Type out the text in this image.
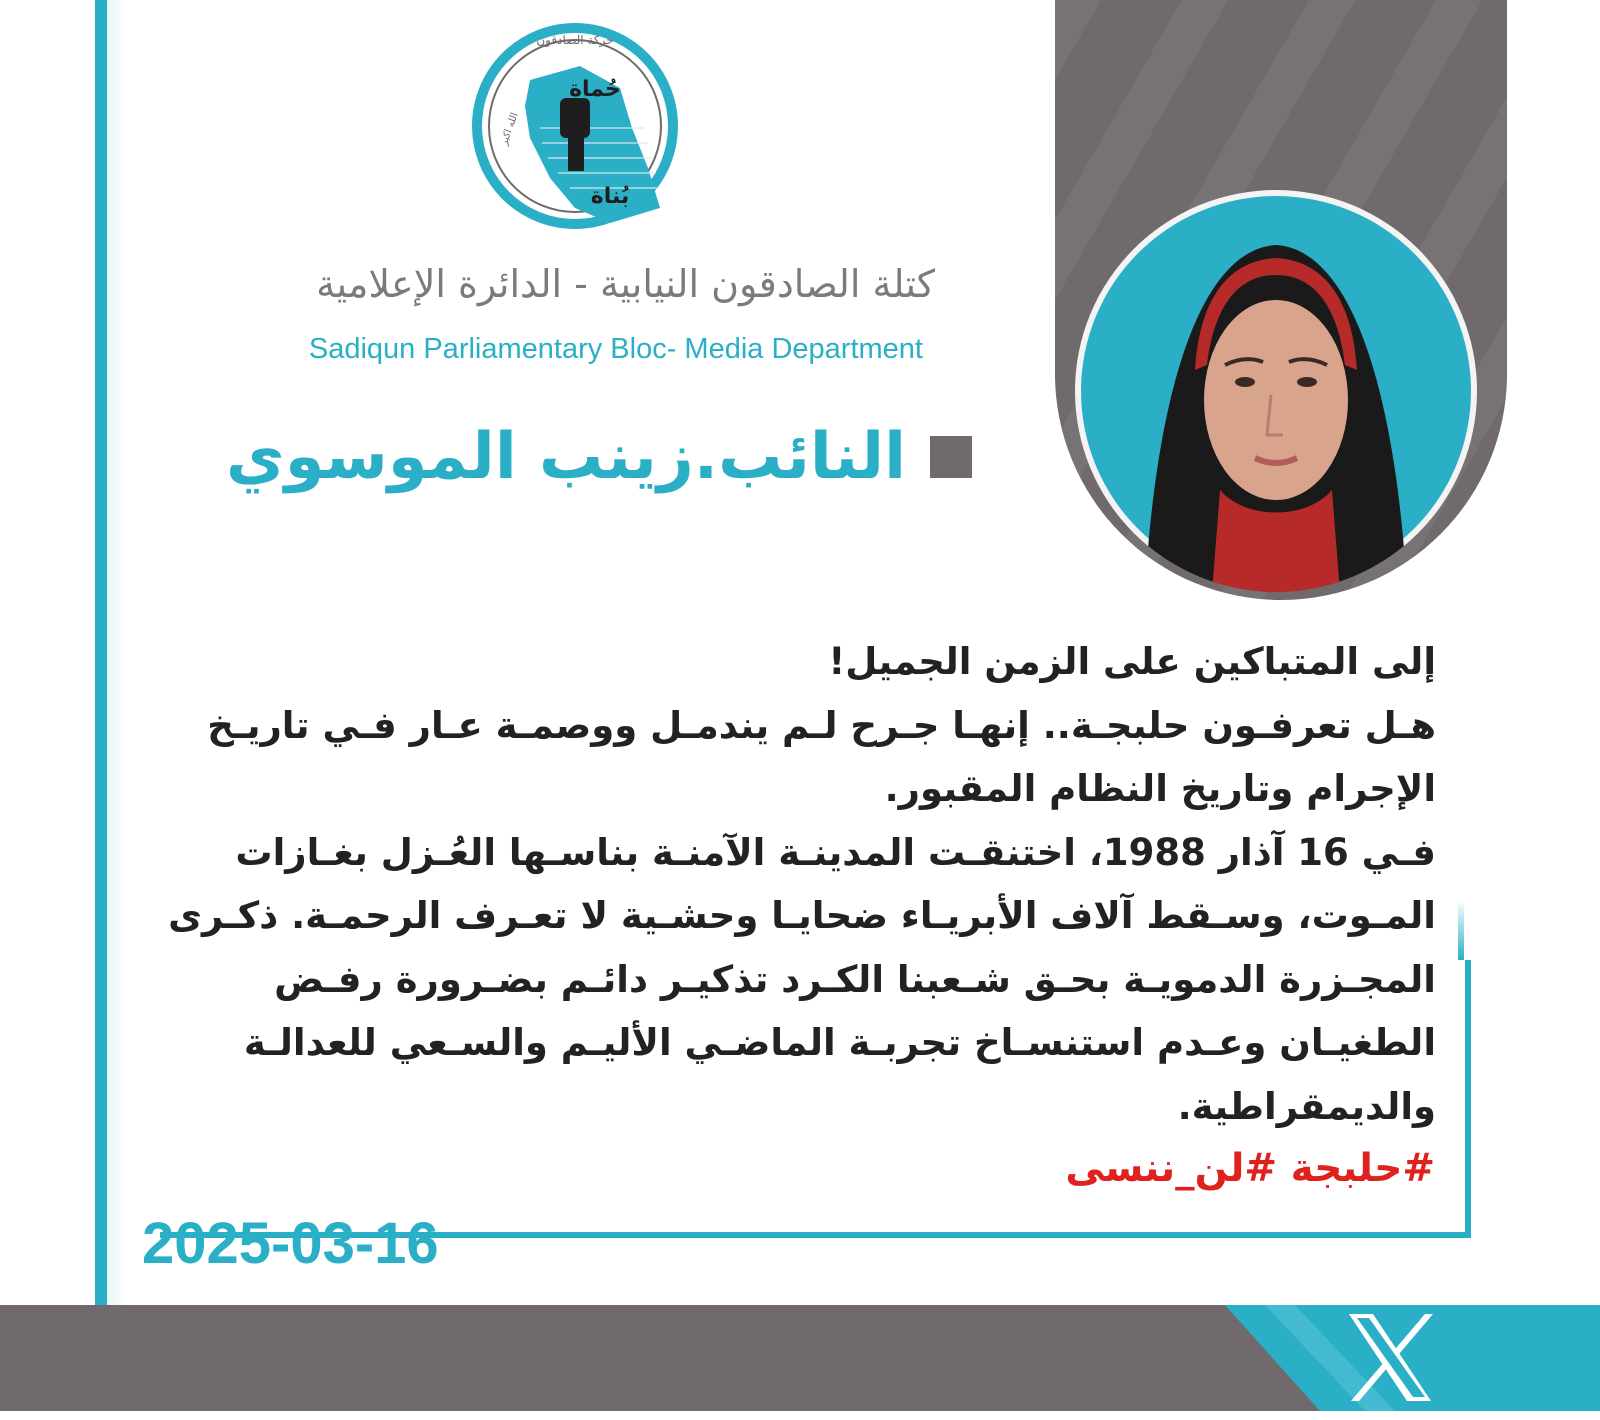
حُماة
بُناة
حركة الصادقون
الله اكبر
كتلة الصادقون النيابية - الدائرة الإعلامية
Sadiqun Parliamentary Bloc- Media Department
النائب.زينب الموسوي
إلى المتباكين على الزمن الجميل!
هـل تعرفـون حلبجـة.. إنهـا جـرح لـم يندمـل ووصمـة عـار فـي تاريـخ
الإجرام وتاريخ النظام المقبور.
فـي 16 آذار 1988، اختنقـت المدينـة الآمنـة بناسـها العُـزل بغـازات
المـوت، وسـقط آلاف الأبريـاء ضحايـا وحشـية لا تعـرف الرحمـة. ذكـرى
المجـزرة الدمويـة بحـق شـعبنا الكـرد تذكيـر دائـم بضـرورة رفـض
الطغيـان وعـدم استنسـاخ تجربـة الماضـي الأليـم والسـعي للعدالـة
والديمقراطية.
#حلبجة #لن_ننسى
2025-03-16
